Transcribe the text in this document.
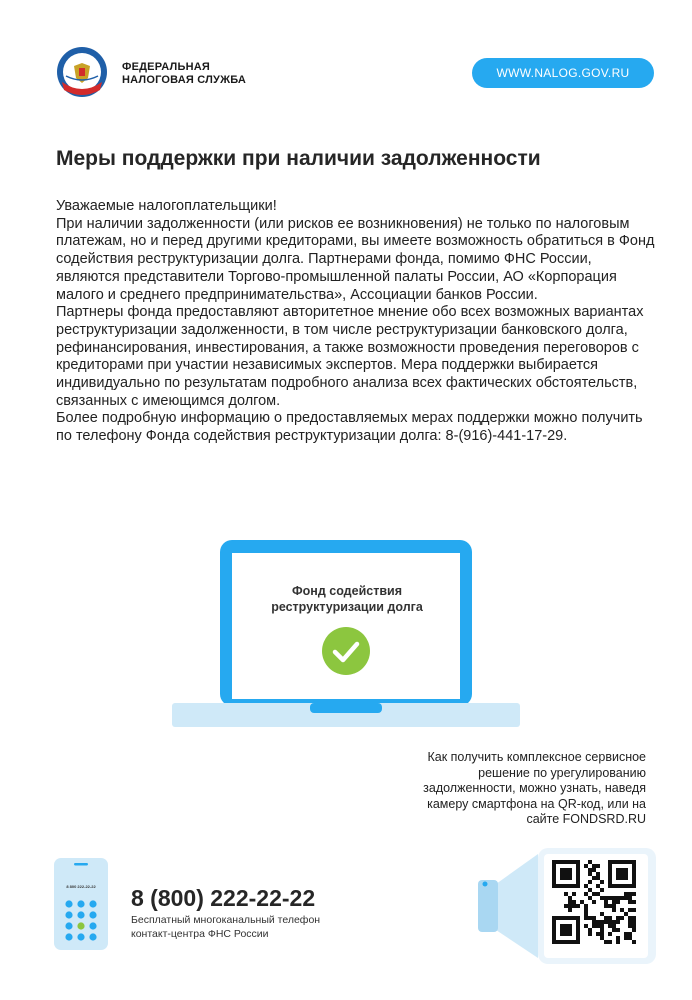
ФЕДЕРАЛЬНАЯ
НАЛОГОВАЯ СЛУЖБА	WWW.NALOG.GOV.RU
Меры поддержки при наличии задолженности

Уважаемые налогоплательщики!

При наличии задолженности (или рисков ее возникновения) не только по налоговым платежам, но и перед другими кредиторами, вы имеете возможность обратиться в Фонд содействия реструктуризации долга. Партнерами фонда, помимо ФНС России, являются представители Торгово-промышленной палаты России, АО «Корпорация малого и среднего предпринимательства», Ассоциации банков России.

Партнеры фонда предоставляют авторитетное мнение обо всех возможных вариантах реструктуризации задолженности, в том числе реструктуризации банковского долга, рефинансирования, инвестирования, а также возможности проведения переговоров с кредиторами при участии независимых экспертов. Мера поддержки выбирается индивидуально по результатам подробного анализа всех фактических обстоятельств, связанных с имеющимся долгом.

Более подробную информацию о предоставляемых мерах поддержки можно получить по телефону Фонда содействия реструктуризации долга: 8-(916)-441-17-29.

Фонд содействия
реструктуризации долга
Как получить комплексное сервисное
решение по урегулированию
задолженности, можно узнать, наведя
камеру смартфона на QR-код, или на
сайте FONDSRD.RU
8 800 222-22-22	8 (800) 222-22-22
Бесплатный многоканальный телефон
контакт-центра ФНС России
